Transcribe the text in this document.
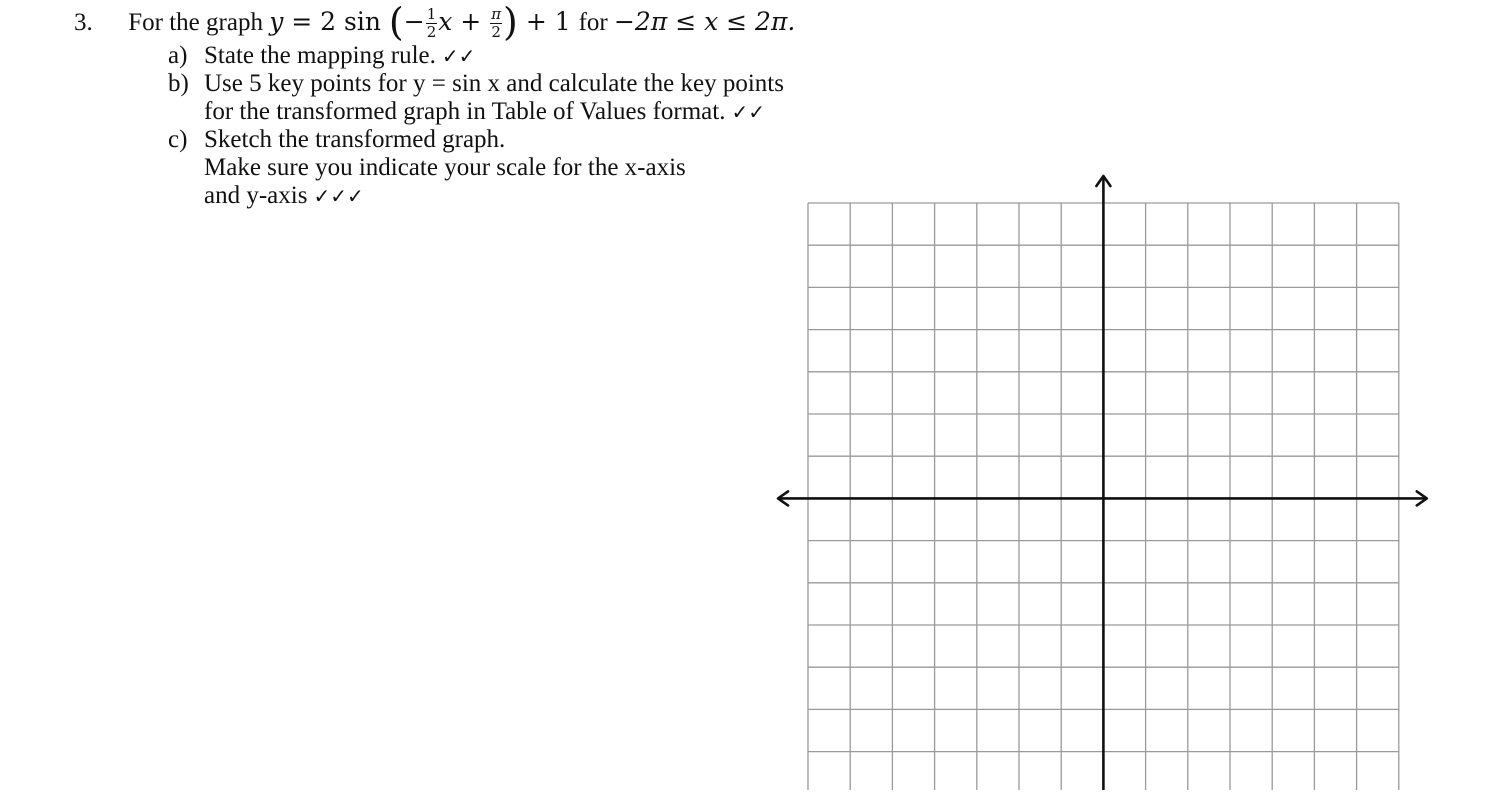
3. For the graph y = 2 sin (− $\frac{1}{2}$ $x + \frac{\pi}{2}$ ) + 1 for −2π ≤ x ≤ 2π.
a) State the mapping rule. ✓✓
b) Use 5 key points for y = sin x and calculate the key points
for the transformed graph in Table of Values format. ✓✓
c) Sketch the transformed graph.
Make sure you indicate your scale for the x-axis
and y-axis ✓✓✓
